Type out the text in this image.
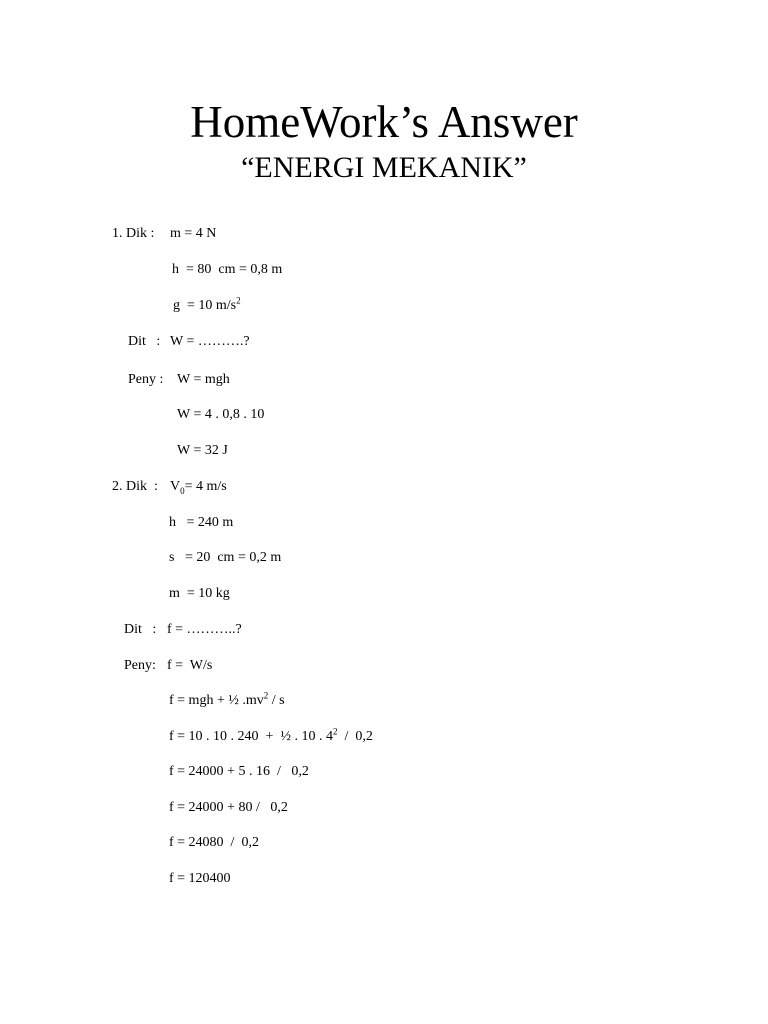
HomeWork’s Answer
“ENERGI MEKANIK”
1. Dik : m = 4 N
h  = 80  cm = 0,8 m
g  = 10 $m/s^2$
Dit   : W = ……….?
Peny : W = mgh
W = 4 . 0,8 . 10
W = 32 J
2. Dik  : $V_0= 4$ m/s
h   = 240 m
s   = 20  cm = 0,2 m
m  = 10 kg
Dit   : f = ………..?
Peny: f =  W/s
f = mgh + ½ $.mv^2$ / s
f = 10 . 10 . 240  +  ½ . 10 . $4^2 / 0,2$
f = 24000 + 5 . 16  /   0,2
f = 24000 + 80 /   0,2
f = 24080  /  0,2
f = 120400
